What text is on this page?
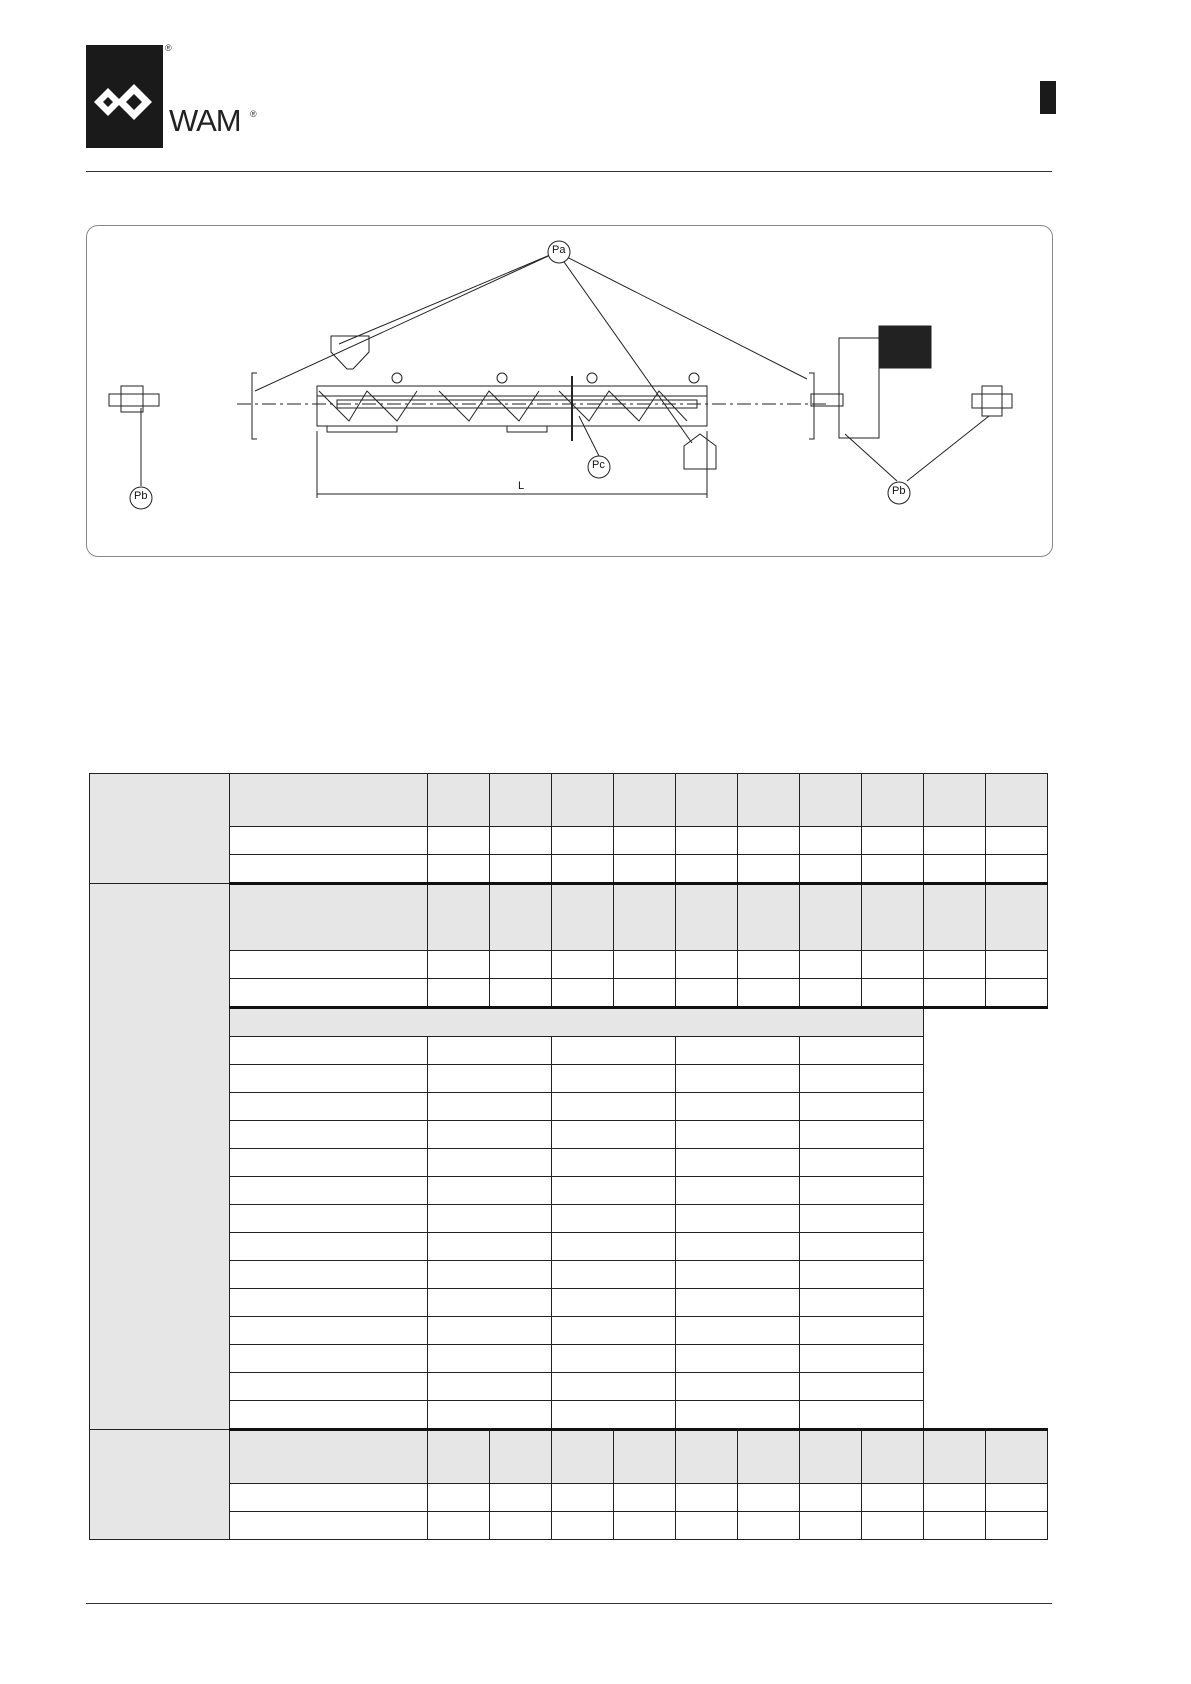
®
WAM ®
Pa
Pb
Pc
Pb
L
